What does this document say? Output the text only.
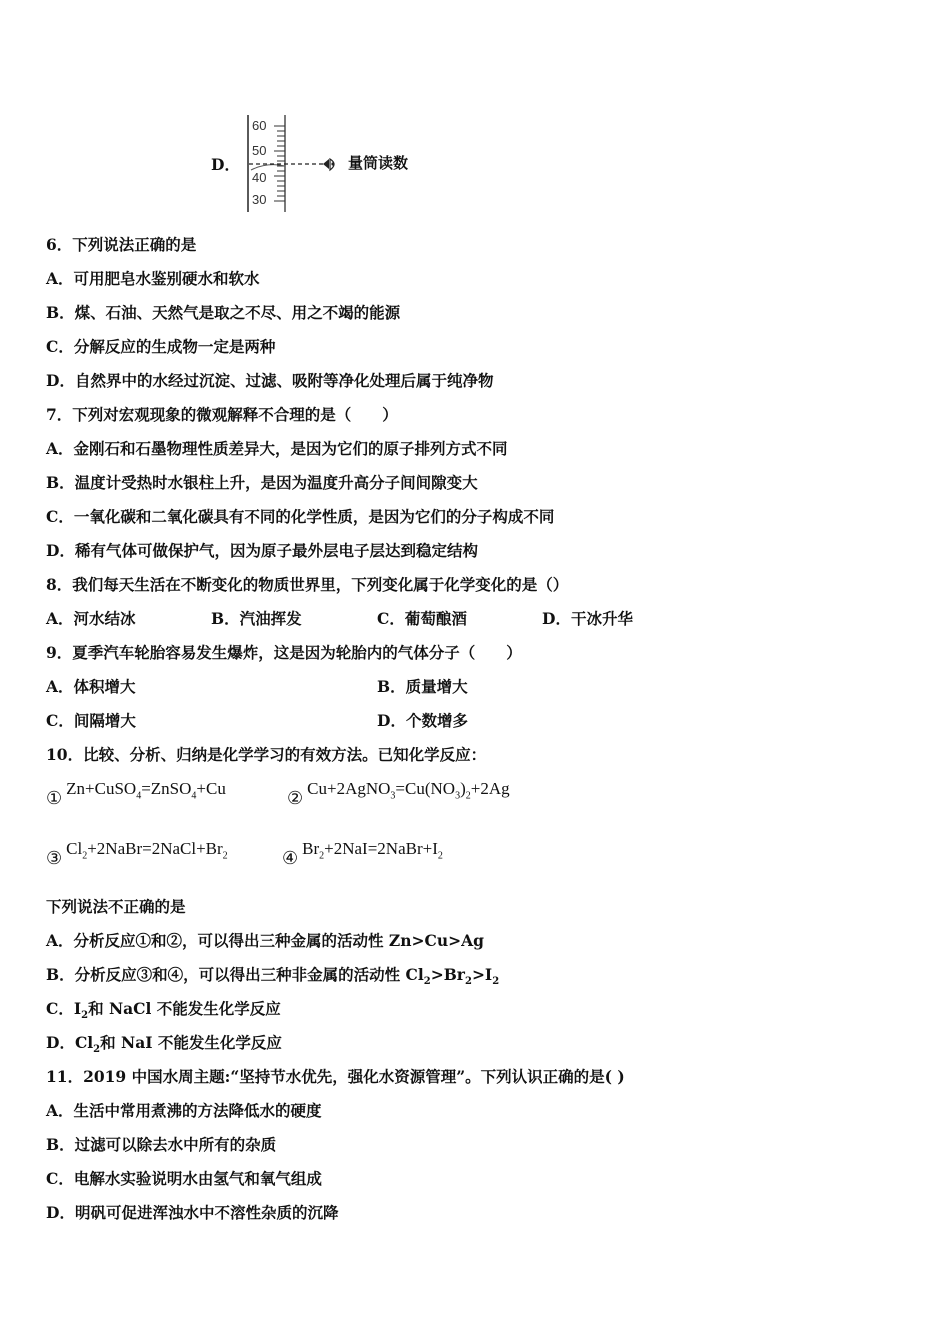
D．
60
50
40
30
量筒读数
6．下列说法正确的是
A．可用肥皂水鉴别硬水和软水
B．煤、石油、天然气是取之不尽、用之不竭的能源
C．分解反应的生成物一定是两种
D．自然界中的水经过沉淀、过滤、吸附等净化处理后属于纯净物
7．下列对宏观现象的微观解释不合理的是（　　）
A．金刚石和石墨物理性质差异大，是因为它们的原子排列方式不同
B．温度计受热时水银柱上升，是因为温度升高分子间间隙变大
C．一氧化碳和二氧化碳具有不同的化学性质，是因为它们的分子构成不同
D．稀有气体可做保护气，因为原子最外层电子层达到稳定结构
8．我们每天生活在不断变化的物质世界里，下列变化属于化学变化的是（）
A．河水结冰	B．汽油挥发	C．葡萄酿酒	D．干冰升华
9．夏季汽车轮胎容易发生爆炸，这是因为轮胎内的气体分子（　　）
A．体积增大	B．质量增大
C．间隔增大	D．个数增多
10．比较、分析、归纳是化学学习的有效方法。已知化学反应：
① Zn+CuSO$_4$=ZnSO$_4$+Cu	② $Cu+2AgNO_3=Cu(NO_3)_2+2Ag$
③ $Cl_2+2NaBr=2NaCl+Br_2$	④ $Br_2+2NaI=2NaBr+I_2$
下列说法不正确的是
A．分析反应①和②，可以得出三种金属的活动性 Zn>Cu>Ag
B．分析反应③和④，可以得出三种非金属的活动性 $Cl_2>Br_2>I_2$
C．$I_2$和 NaCl 不能发生化学反应
D．$Cl_2$和 NaI 不能发生化学反应
11．2019 中国水周主题:“坚持节水优先，强化水资源管理”。下列认识正确的是( )
A．生活中常用煮沸的方法降低水的硬度
B．过滤可以除去水中所有的杂质
C．电解水实验说明水由氢气和氧气组成
D．明矾可促进浑浊水中不溶性杂质的沉降
